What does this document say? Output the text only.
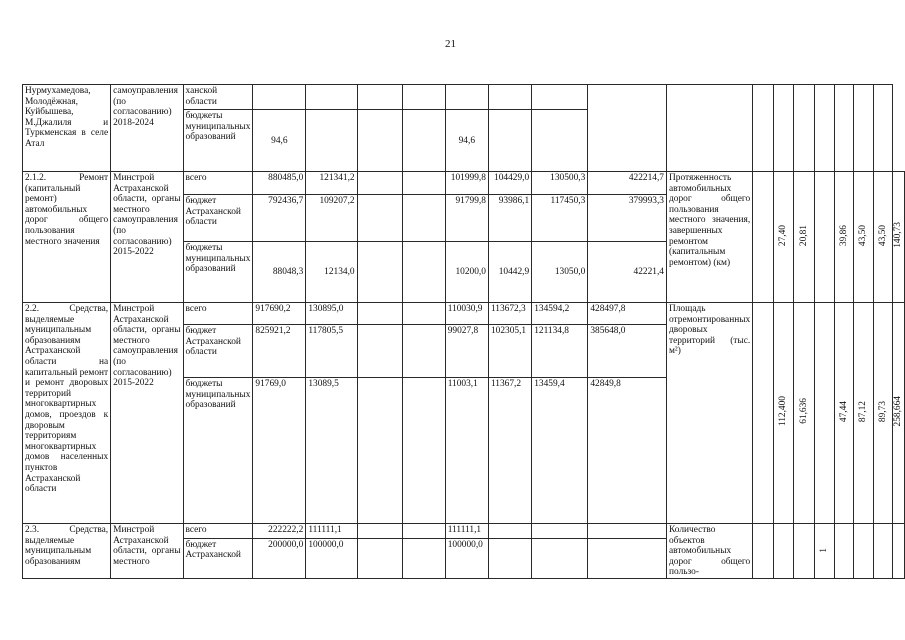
21
Нурмухамедова, Молодёжная, Куйбышева, М.Джалиля и Туркменская в селе Атал	самоуправления (по согласованию) 2018-2024	ханской области																	
		бюджеты муниципальных образований	94,6				94,6												
2.1.2. Ремонт (капитальный ремонт) автомобильных дорог общего пользования местного значения	Минстрой Астраханской области, органы местного самоуправления (по согласованию) 2015-2022	всего	880485,0	121341,2			101999,8	104429,0	130500,3	422214,7	Протяженность автомобильных дорог общего пользования местного значения, завершенных ремонтом (капитальным ремонтом) (км)		27,40	20,81		39,86	43,50	43,50	140,73
		бюджет Астраханской области	792436,7	109207,2			91799,8	93986,1	117450,3	379993,3									
		бюджеты муниципальных образований	88048,3	12134,0			10200,0	10442,9	13050,0	42221,4									
2.2. Средства, выделяемые муниципальным образованиям Астраханской области на капитальный ремонт и ремонт дворовых территорий многоквартирных домов, проездов к дворовым территориям многоквартирных домов населенных пунктов Астраханской области	Минстрой Астраханской области, органы местного самоуправления (по согласованию) 2015-2022	всего	917690,2	130895,0			110030,9	113672,3	134594,2	428497,8	Площадь отремонтированных дворовых территорий (тыс. м²)		112,400	61,636		47,44	87,12	89,73	258,664
		бюджет Астраханской области	825921,2	117805,5			99027,8	102305,1	121134,8	385648,0									
		бюджеты муниципальных образований	91769,0	13089,5			11003,1	11367,2	13459,4	42849,8									
2.3. Средства, выделяемые муниципальным образованиям	Минстрой Астраханской области, органы местного	всего	222222,2	111111,1			111111,1				Количество объектов автомобильных дорог общего пользо-				1				
		бюджет Астраханской	200000,0	100000,0			100000,0												
